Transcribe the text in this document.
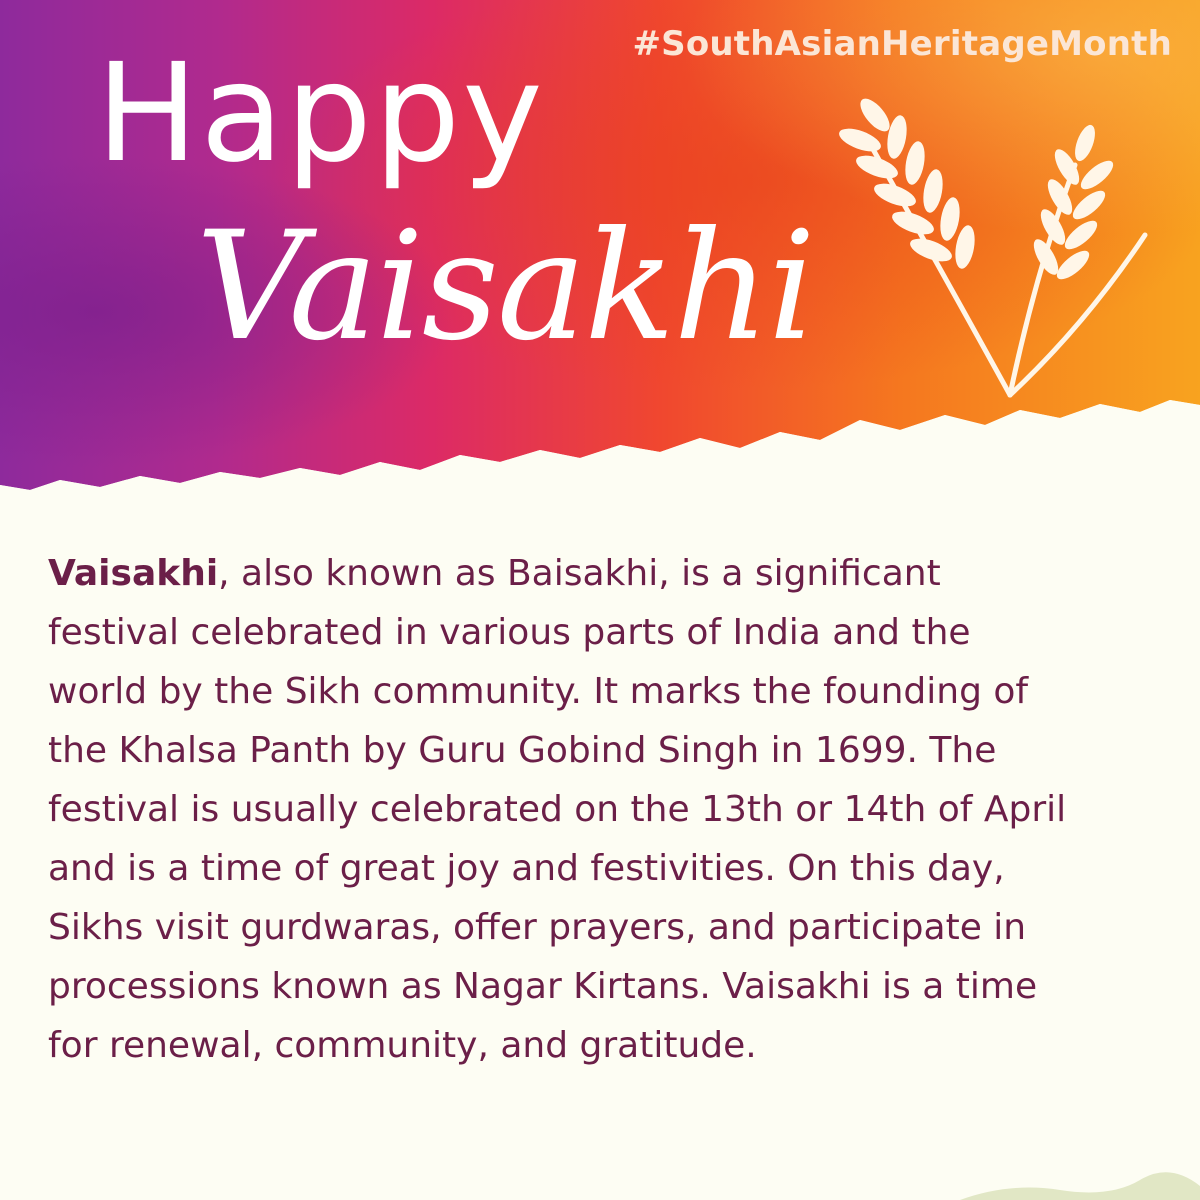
#SouthAsianHeritageMonth
Happy
Vaisakhi
Vaisakhi, also known as Baisakhi, is a significant
festival celebrated in various parts of India and the
world by the Sikh community. It marks the founding of
the Khalsa Panth by Guru Gobind Singh in 1699. The
festival is usually celebrated on the 13th or 14th of April
and is a time of great joy and festivities. On this day,
Sikhs visit gurdwaras, offer prayers, and participate in
processions known as Nagar Kirtans. Vaisakhi is a time
for renewal, community, and gratitude.
